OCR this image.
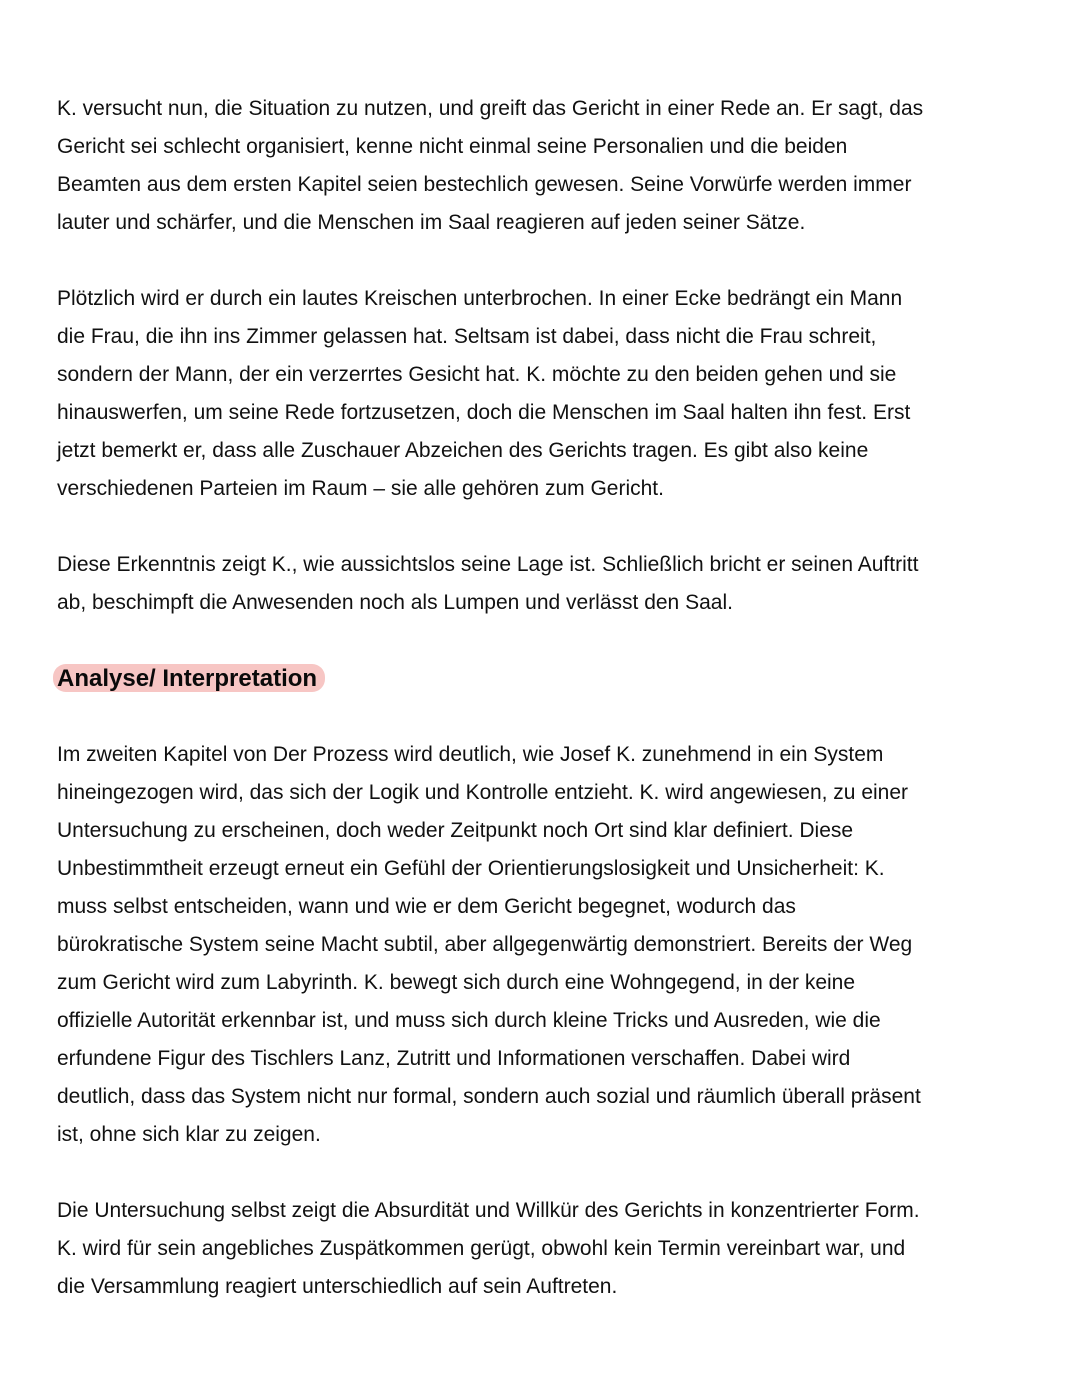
K. versucht nun, die Situation zu nutzen, und greift das Gericht in einer Rede an. Er sagt, das
Gericht sei schlecht organisiert, kenne nicht einmal seine Personalien und die beiden
Beamten aus dem ersten Kapitel seien bestechlich gewesen. Seine Vorwürfe werden immer
lauter und schärfer, und die Menschen im Saal reagieren auf jeden seiner Sätze.

Plötzlich wird er durch ein lautes Kreischen unterbrochen. In einer Ecke bedrängt ein Mann
die Frau, die ihn ins Zimmer gelassen hat. Seltsam ist dabei, dass nicht die Frau schreit,
sondern der Mann, der ein verzerrtes Gesicht hat. K. möchte zu den beiden gehen und sie
hinauswerfen, um seine Rede fortzusetzen, doch die Menschen im Saal halten ihn fest. Erst
jetzt bemerkt er, dass alle Zuschauer Abzeichen des Gerichts tragen. Es gibt also keine
verschiedenen Parteien im Raum – sie alle gehören zum Gericht.

Diese Erkenntnis zeigt K., wie aussichtslos seine Lage ist. Schließlich bricht er seinen Auftritt
ab, beschimpft die Anwesenden noch als Lumpen und verlässt den Saal.

Analyse/ Interpretation

Im zweiten Kapitel von Der Prozess wird deutlich, wie Josef K. zunehmend in ein System
hineingezogen wird, das sich der Logik und Kontrolle entzieht. K. wird angewiesen, zu einer
Untersuchung zu erscheinen, doch weder Zeitpunkt noch Ort sind klar definiert. Diese
Unbestimmtheit erzeugt erneut ein Gefühl der Orientierungslosigkeit und Unsicherheit: K.
muss selbst entscheiden, wann und wie er dem Gericht begegnet, wodurch das
bürokratische System seine Macht subtil, aber allgegenwärtig demonstriert. Bereits der Weg
zum Gericht wird zum Labyrinth. K. bewegt sich durch eine Wohngegend, in der keine
offizielle Autorität erkennbar ist, und muss sich durch kleine Tricks und Ausreden, wie die
erfundene Figur des Tischlers Lanz, Zutritt und Informationen verschaffen. Dabei wird
deutlich, dass das System nicht nur formal, sondern auch sozial und räumlich überall präsent
ist, ohne sich klar zu zeigen.

Die Untersuchung selbst zeigt die Absurdität und Willkür des Gerichts in konzentrierter Form.
K. wird für sein angebliches Zuspätkommen gerügt, obwohl kein Termin vereinbart war, und
die Versammlung reagiert unterschiedlich auf sein Auftreten.
